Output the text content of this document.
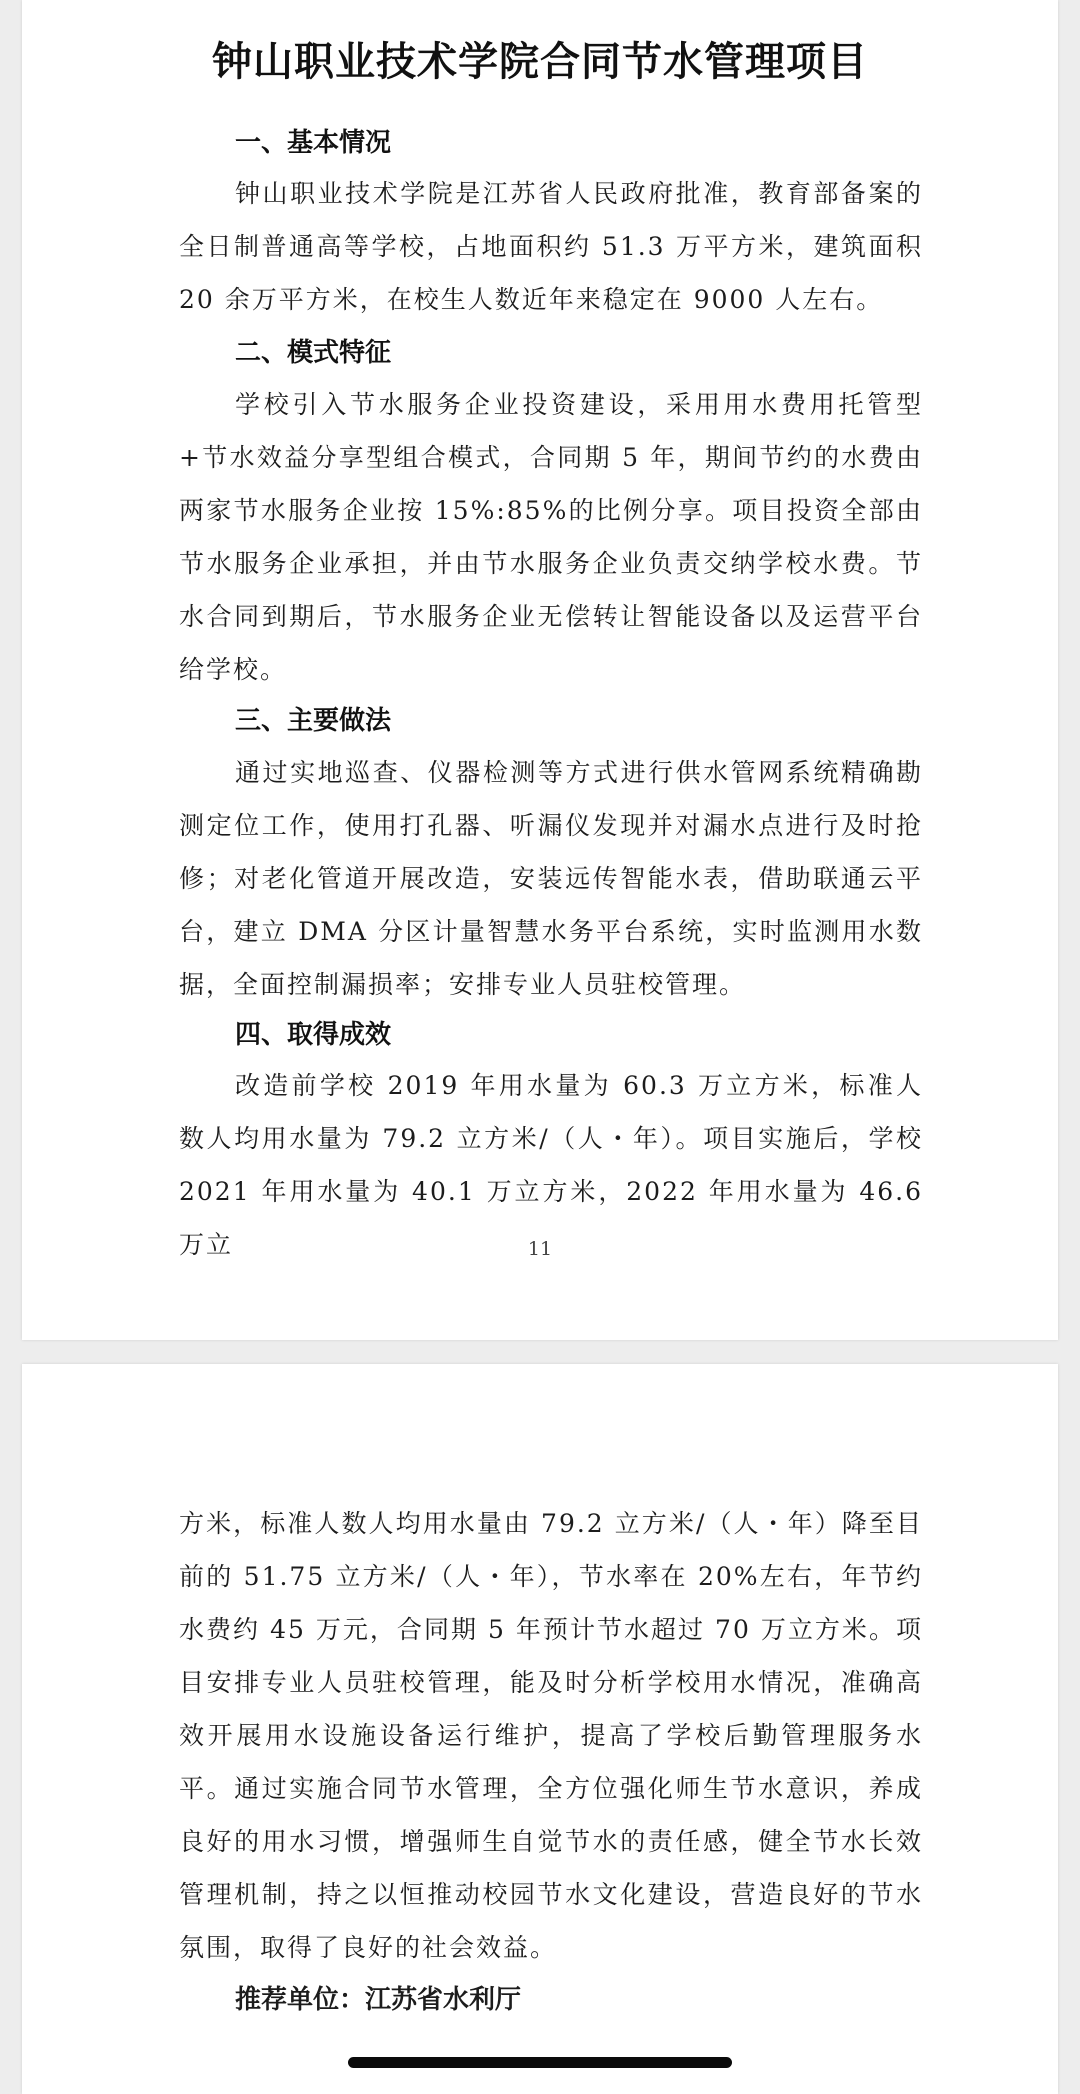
钟山职业技术学院合同节水管理项目
一、基本情况

钟山职业技术学院是江苏省人民政府批准，教育部备案的全日制普通高等学校，占地面积约 51.3 万平方米，建筑面积 20 余万平方米，在校生人数近年来稳定在 9000 人左右。

二、模式特征

学校引入节水服务企业投资建设，采用用水费用托管型+节水效益分享型组合模式，合同期 5 年，期间节约的水费由两家节水服务企业按 15%:85%的比例分享。项目投资全部由节水服务企业承担，并由节水服务企业负责交纳学校水费。节水合同到期后，节水服务企业无偿转让智能设备以及运营平台给学校。

三、主要做法

通过实地巡查、仪器检测等方式进行供水管网系统精确勘测定位工作，使用打孔器、听漏仪发现并对漏水点进行及时抢修；对老化管道开展改造，安装远传智能水表，借助联通云平台，建立 DMA 分区计量智慧水务平台系统，实时监测用水数据，全面控制漏损率；安排专业人员驻校管理。

四、取得成效

改造前学校 2019 年用水量为 60.3 万立方米，标准人数人均用水量为 79.2 立方米/（人・年）。项目实施后，学校 2021 年用水量为 40.1 万立方米，2022 年用水量为 46.6 万立	11

方米，标准人数人均用水量由 79.2 立方米/（人・年）降至目前的 51.75 立方米/（人・年），节水率在 20%左右，年节约水费约 45 万元，合同期 5 年预计节水超过 70 万立方米。项目安排专业人员驻校管理，能及时分析学校用水情况，准确高效开展用水设施设备运行维护，提高了学校后勤管理服务水平。通过实施合同节水管理，全方位强化师生节水意识，养成良好的用水习惯，增强师生自觉节水的责任感，健全节水长效管理机制，持之以恒推动校园节水文化建设，营造良好的节水氛围，取得了良好的社会效益。

推荐单位：江苏省水利厅
